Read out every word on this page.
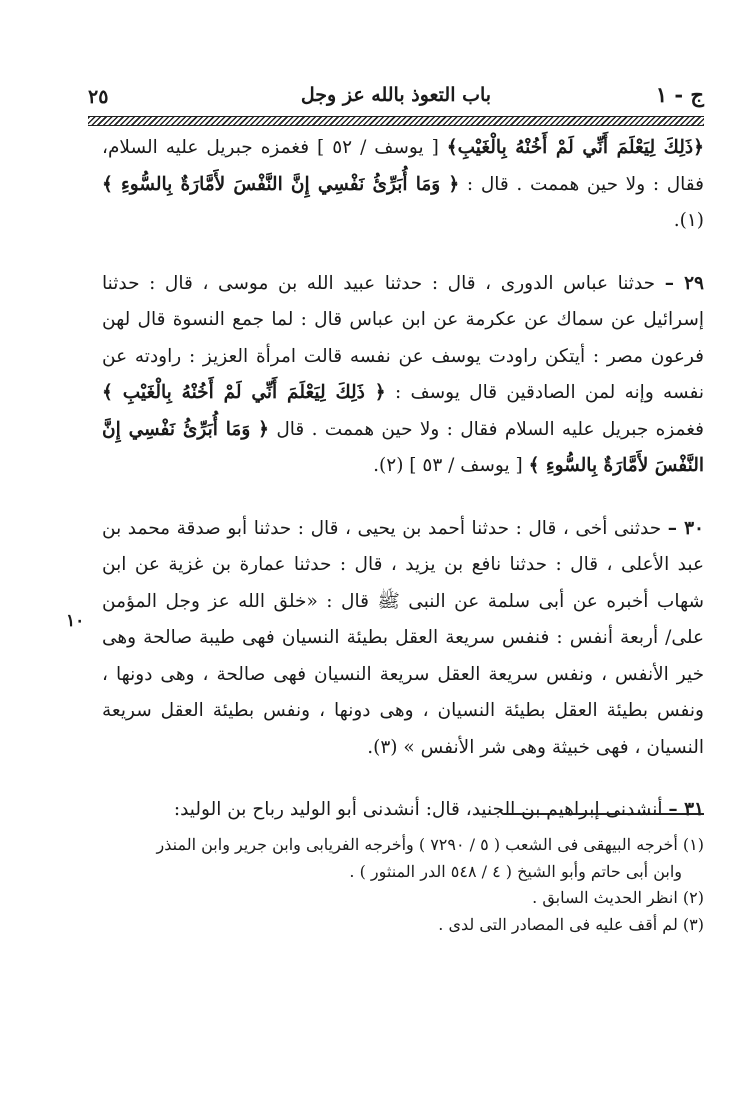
ج - ١
باب التعوذ بالله عز وجل
٢٥

﴿ذَلِكَ لِيَعْلَمَ أَنِّي لَمْ أَخُنْهُ بِالْغَيْبِ﴾ [ يوسف / ٥٢ ] فغمزه جبريل عليه السلام، فقال : ولا حين هممت . قال : ﴿ وَمَا أُبَرِّئُ نَفْسِي إِنَّ النَّفْسَ لأَمَّارَةٌ بِالسُّوءِ ﴾ (١).

٢٩ – حدثنا عباس الدورى ، قال : حدثنا عبيد الله بن موسى ، قال : حدثنا إسرائيل عن سماك عن عكرمة عن ابن عباس قال : لما جمع النسوة قال لهن فرعون مصر : أيتكن راودت يوسف عن نفسه قالت امرأة العزيز : راودته عن نفسه وإنه لمن الصادقين قال يوسف : ﴿ ذَلِكَ لِيَعْلَمَ أَنِّي لَمْ أَخُنْهُ بِالْغَيْبِ ﴾ فغمزه جبريل عليه السلام فقال : ولا حين هممت . قال ﴿ وَمَا أُبَرِّئُ نَفْسِي إِنَّ النَّفْسَ لأَمَّارَةٌ بِالسُّوءِ ﴾ [ يوسف / ٥٣ ] (٢).

٣٠ – حدثنى أخى ، قال : حدثنا أحمد بن يحيى ، قال : حدثنا أبو صدقة محمد بن عبد الأعلى ، قال : حدثنا نافع بن يزيد ، قال : حدثنا عمارة بن غزية عن ابن شهاب أخبره عن أبى سلمة عن النبى ﷺ قال : «خلق الله عز وجل المؤمن على/ أربعة أنفس : فنفس سريعة العقل بطيئة النسيان فهى طيبة صالحة وهى خير الأنفس ، ونفس سريعة العقل سريعة النسيان فهى صالحة ، وهى دونها ، ونفس بطيئة العقل بطيئة النسيان ، وهى دونها ، ونفس بطيئة العقل سريعة النسيان ، فهى خبيثة وهى شر الأنفس » (٣).

٣١ – أنشدنى إبراهيم بن الجنيد، قال: أنشدنى أبو الوليد رباح بن الوليد:

١٠

(١) أخرجه البيهقى فى الشعب ( ٥ / ٧٢٩٠ ) وأخرجه الفريابى وابن جرير وابن المنذر

وابن أبى حاتم وأبو الشيخ ( ٤ / ٥٤٨ الدر المنثور ) .

(٢) انظر الحديث السابق .

(٣) لم أقف عليه فى المصادر التى لدى .
